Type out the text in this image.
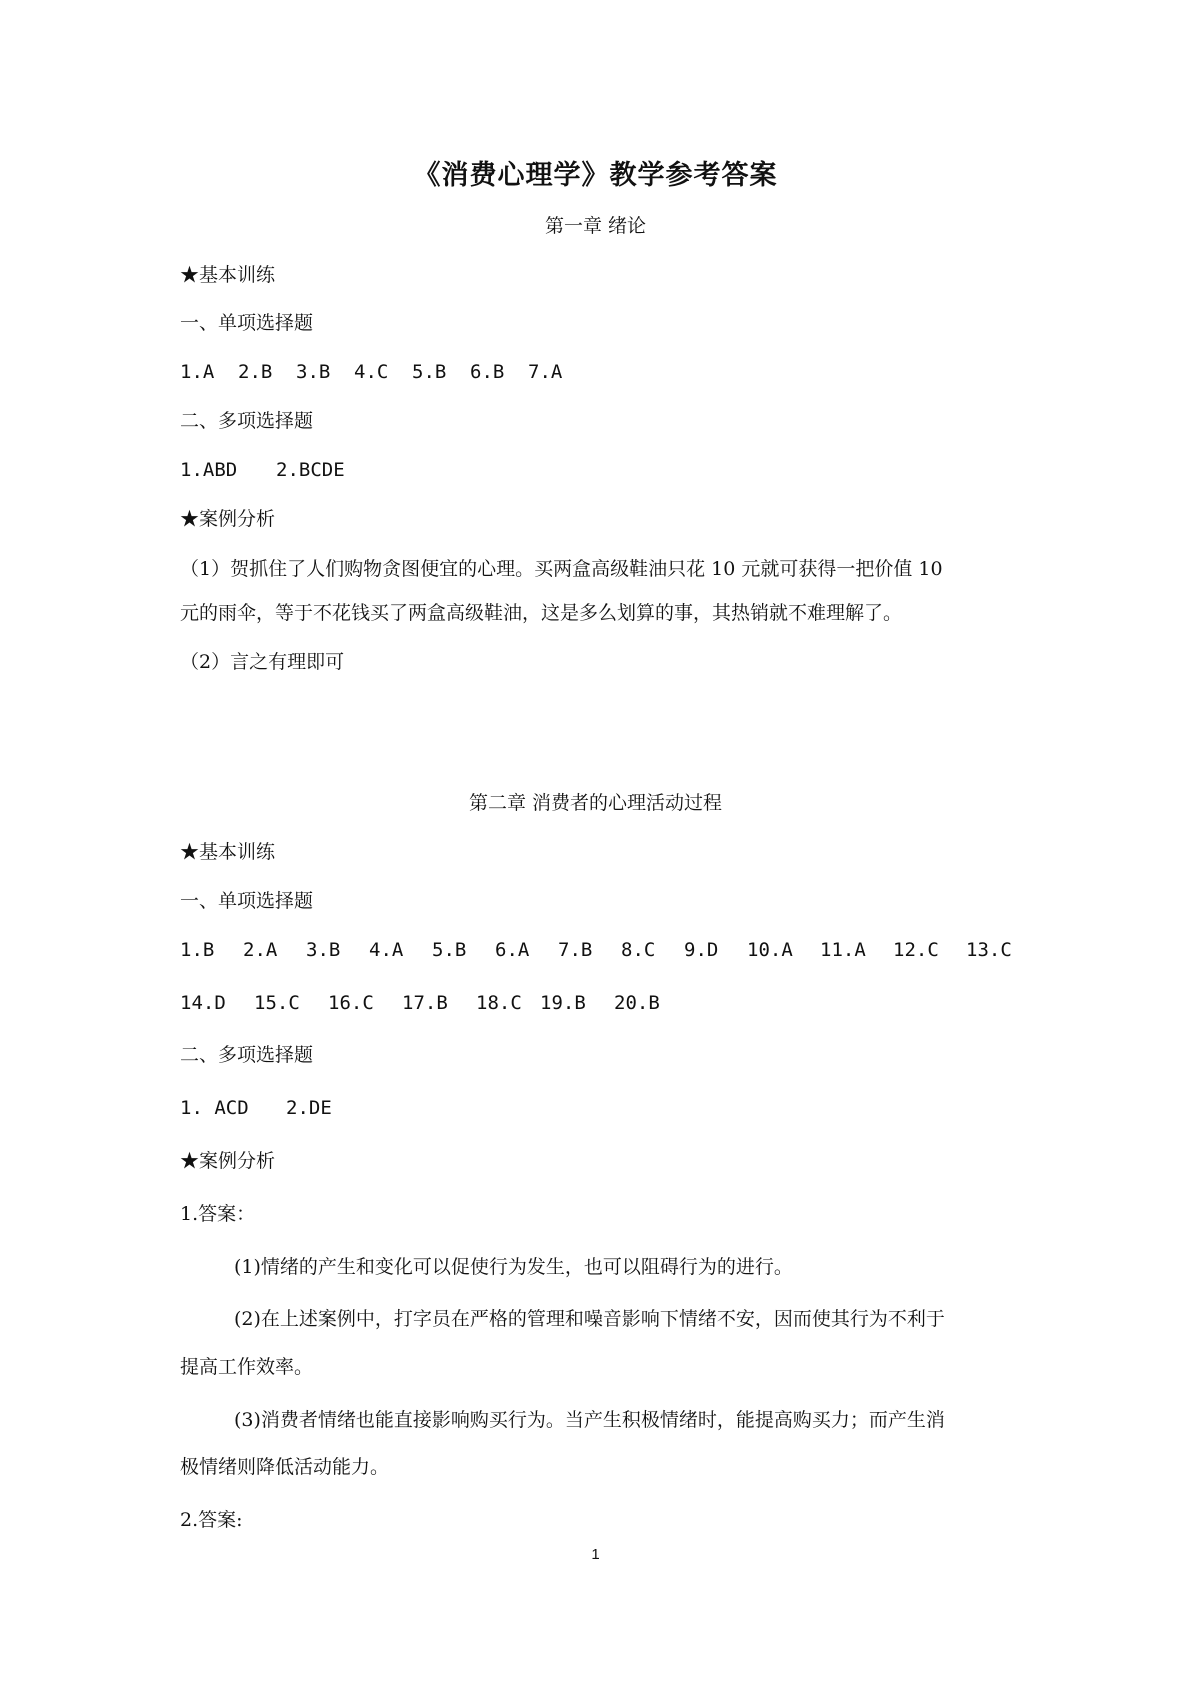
《消费心理学》教学参考答案
第一章 绪论
★基本训练
一、单项选择题
1.A 2.B 3.B 4.C 5.B 6.B 7.A
二、多项选择题
1.ABD 2.BCDE
★案例分析
（1）贺抓住了人们购物贪图便宜的心理。买两盒高级鞋油只花 10 元就可获得一把价值 10
元的雨伞，等于不花钱买了两盒高级鞋油，这是多么划算的事，其热销就不难理解了。
（2）言之有理即可
第二章 消费者的心理活动过程
★基本训练
一、单项选择题
1.B 2.A 3.B 4.A 5.B 6.A 7.B 8.C 9.D 10.A 11.A 12.C 13.C
14.D 15.C 16.C 17.B 18.C 19.B 20.B
二、多项选择题
1. ACD 2.DE
★案例分析
1.答案：
(1)情绪的产生和变化可以促使行为发生，也可以阻碍行为的进行。
(2)在上述案例中，打字员在严格的管理和噪音影响下情绪不安，因而使其行为不利于
提高工作效率。
(3)消费者情绪也能直接影响购买行为。当产生积极情绪时，能提高购买力；而产生消
极情绪则降低活动能力。
2.答案:
1
